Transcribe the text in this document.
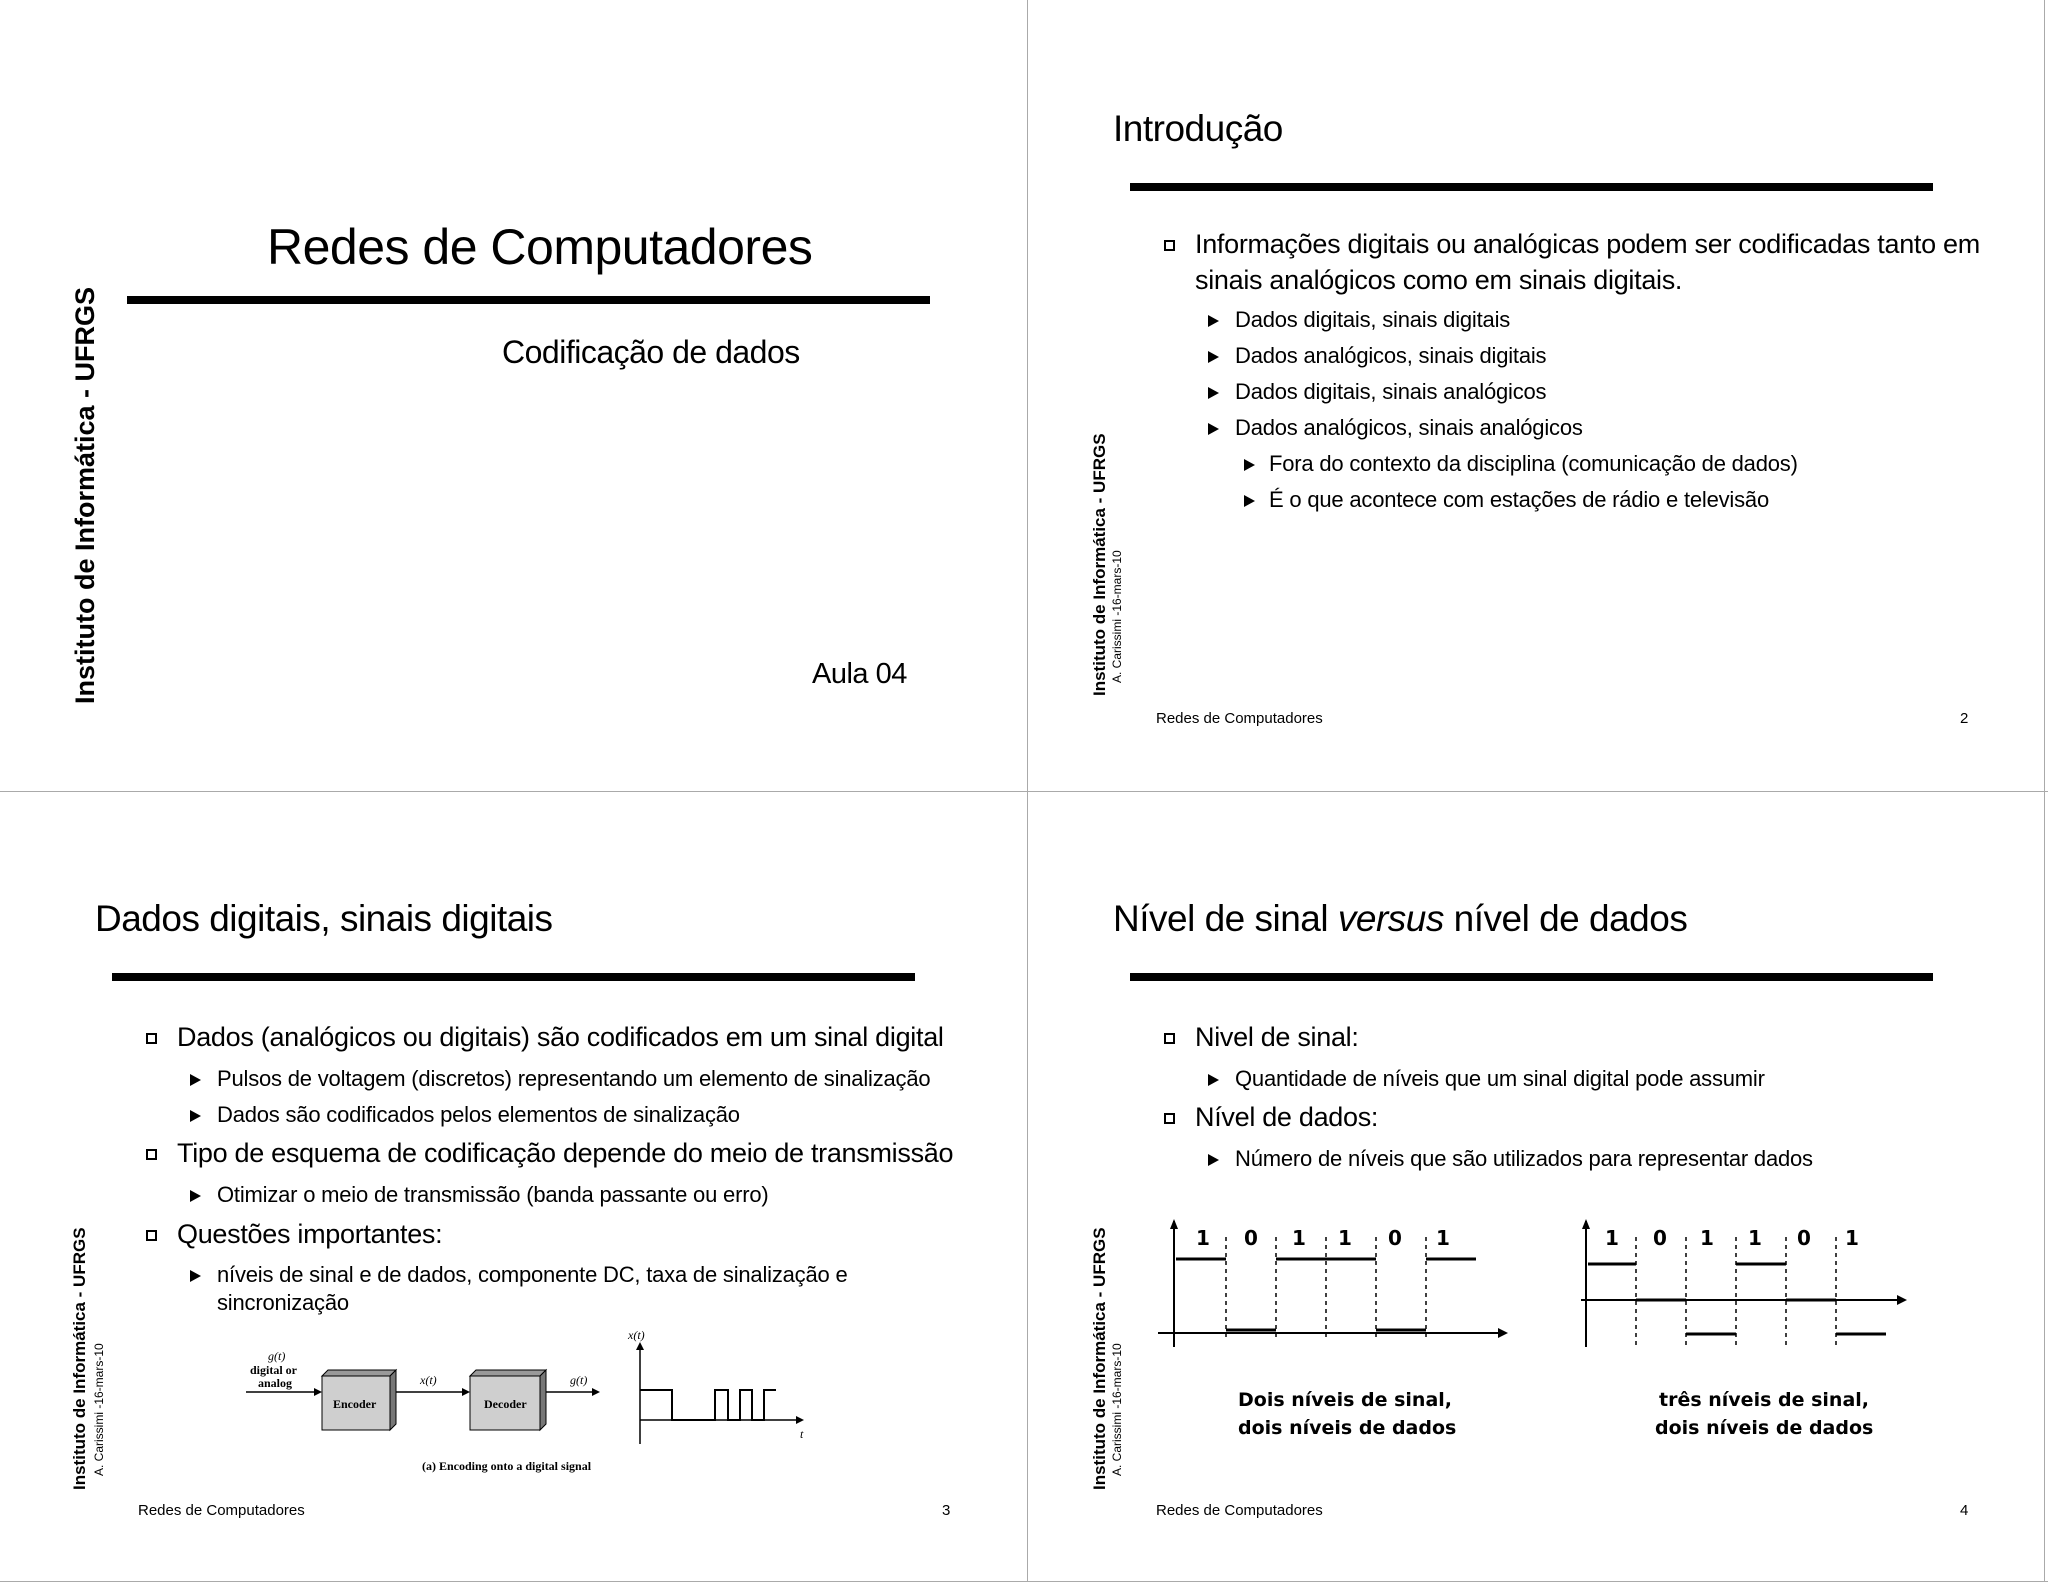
Instituto de Informática - UFRGS
Redes de Computadores
Codificação de dados
Aula 04	Instituto de Informática - UFRGS A. Carissimi -16-mars-10
Introdução
Informações digitais ou analógicas podem ser codificadas tanto em
sinais analógicos como em sinais digitais.
Dados digitais, sinais digitais
Dados analógicos, sinais digitais
Dados digitais, sinais analógicos
Dados analógicos, sinais analógicos
Fora do contexto da disciplina (comunicação de dados)
É o que acontece com estações de rádio e televisão
Redes de Computadores	2
Instituto de Informática - UFRGS A. Carissimi -16-mars-10
Dados digitais, sinais digitais
Dados (analógicos ou digitais) são codificados em um sinal digital
Pulsos de voltagem (discretos) representando um elemento de sinalização
Dados são codificados pelos elementos de sinalização
Tipo de esquema de codificação depende do meio de transmissão
Otimizar o meio de transmissão (banda passante ou erro)
Questões importantes:
níveis de sinal e de dados, componente DC, taxa de sinalização e
sincronização
g(t)
digital or
analog
Encoder
x(t)
Decoder
g(t)
x(t)
t
(a) Encoding onto a digital signal
Redes de Computadores	3
Instituto de Informática - UFRGS A. Carissimi -16-mars-10
Nível de sinal versus nível de dados
Nivel de sinal:
Quantidade de níveis que um sinal digital pode assumir
Nível de dados:
Número de níveis que são utilizados para representar dados
1 0 1 1 0 1
Dois níveis de sinal,
dois níveis de dados
1 0 1 1 0 1
três níveis de sinal,
dois níveis de dados
Redes de Computadores	4
